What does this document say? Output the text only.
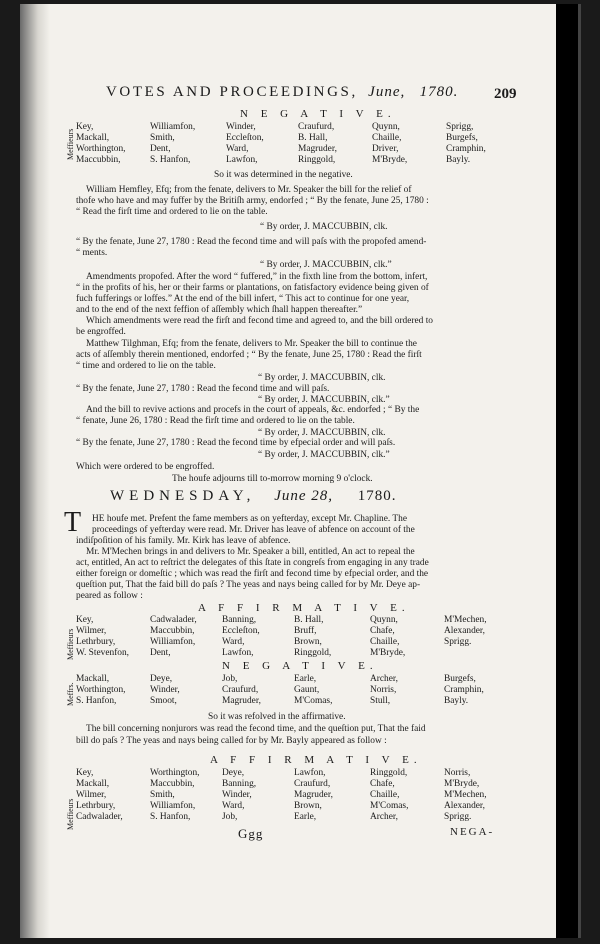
VOTES AND PROCEEDINGS, June, 1780. 209
N E G A T I V E.
Meffieurs
Key,
Mackall,
Worthington,
Maccubbin,
Williamfon,
Smith,
Dent,
S. Hanfon,
Winder,
Eccleſton,
Ward,
Lawfon,
Craufurd,
B. Hall,
Magruder,
Ringgold,
Quynn,
Chaille,
Driver,
M'Bryde,
Sprigg,
Burgefs,
Cramphin,
Bayly.
So it was determined in the negative.
William Hemfley, Efq; from the fenate, delivers to Mr. Speaker the bill for the relief of
thofe who have and may fuffer by the Britiſh army, endorfed ; “ By the fenate, June 25, 1780 :
“ Read the firſt time and ordered to lie on the table.
“ By order, J. MACCUBBIN, clk.
“ By the fenate, June 27, 1780 : Read the fecond time and will paſs with the propofed amend-
“ ments.
“ By order, J. MACCUBBIN, clk.”
Amendments propofed. After the word “ fuffered,” in the fixth line from the bottom, infert,
“ in the profits of his, her or their farms or plantations, on fatisfactory evidence being given of
fuch fufferings or loffes.” At the end of the bill infert, “ This act to continue for one year,
and to the end of the next feffion of aſſembly which ſhall happen thereafter.”
Which amendments were read the firſt and fecond time and agreed to, and the bill ordered to
be engroffed.
Matthew Tilghman, Efq; from the fenate, delivers to Mr. Speaker the bill to continue the
acts of aſſembly therein mentioned, endorfed ; “ By the fenate, June 25, 1780 : Read the firſt
“ time and ordered to lie on the table.
“ By order, J. MACCUBBIN, clk.
“ By the fenate, June 27, 1780 : Read the fecond time and will paſs.
“ By order, J. MACCUBBIN, clk.”
And the bill to revive actions and procefs in the court of appeals, &c. endorfed ; “ By the
“ fenate, June 26, 1780 : Read the firſt time and ordered to lie on the table.
“ By order, J. MACCUBBIN, clk.
“ By the fenate, June 27, 1780 : Read the fecond time by efpecial order and will paſs.
“ By order, J. MACCUBBIN, clk.”
Which were ordered to be engroffed.
The houfe adjourns till to-morrow morning 9 o'clock.
WEDNESDAY, June 28, 1780.
T HE houfe met. Prefent the fame members as on yefterday, except Mr. Chapline. The
proceedings of yefterday were read. Mr. Driver has leave of abfence on account of the
indiſpoſition of his family. Mr. Kirk has leave of abfence.
Mr. M'Mechen brings in and delivers to Mr. Speaker a bill, entitled, An act to repeal the
act, entitled, An act to reſtrict the delegates of this ſtate in congreſs from engaging in any trade
either foreign or domeſtic ; which was read the firſt and fecond time by efpecial order, and the
queſtion put, That the faid bill do paſs ? The yeas and nays being called for by Mr. Deye ap-
peared as follow :
A F F I R M A T I V E.
Meffieurs
Key,
Wilmer,
Lethrbury,
W. Stevenfon,
Cadwalader,
Maccubbin,
Williamfon,
Dent,
Banning,
Eccleſton,
Ward,
Lawfon,
B. Hall,
Bruff,
Brown,
Ringgold,
Quynn,
Chafe,
Chaille,
M'Bryde,
M'Mechen,
Alexander,
Sprigg.
N E G A T I V E.
Meffrs.
Mackall,
Worthington,
S. Hanfon,
Deye,
Winder,
Smoot,
Job,
Craufurd,
Magruder,
Earle,
Gaunt,
M'Comas,
Archer,
Norris,
Stull,
Burgefs,
Cramphin,
Bayly.
So it was refolved in the affirmative.
The bill concerning nonjurors was read the fecond time, and the queſtion put, That the faid
bill do paſs ? The yeas and nays being called for by Mr. Bayly appeared as follow :
A F F I R M A T I V E.
Meffieurs
Key,
Mackall,
Wilmer,
Lethrbury,
Cadwalader,
Worthington,
Maccubbin,
Smith,
Williamfon,
S. Hanfon,
Deye,
Banning,
Winder,
Ward,
Job,
Lawfon,
Craufurd,
Magruder,
Brown,
Earle,
Ringgold,
Chafe,
Chaille,
M'Comas,
Archer,
Norris,
M'Bryde,
M'Mechen,
Alexander,
Sprigg.
Ggg	NEGA-
